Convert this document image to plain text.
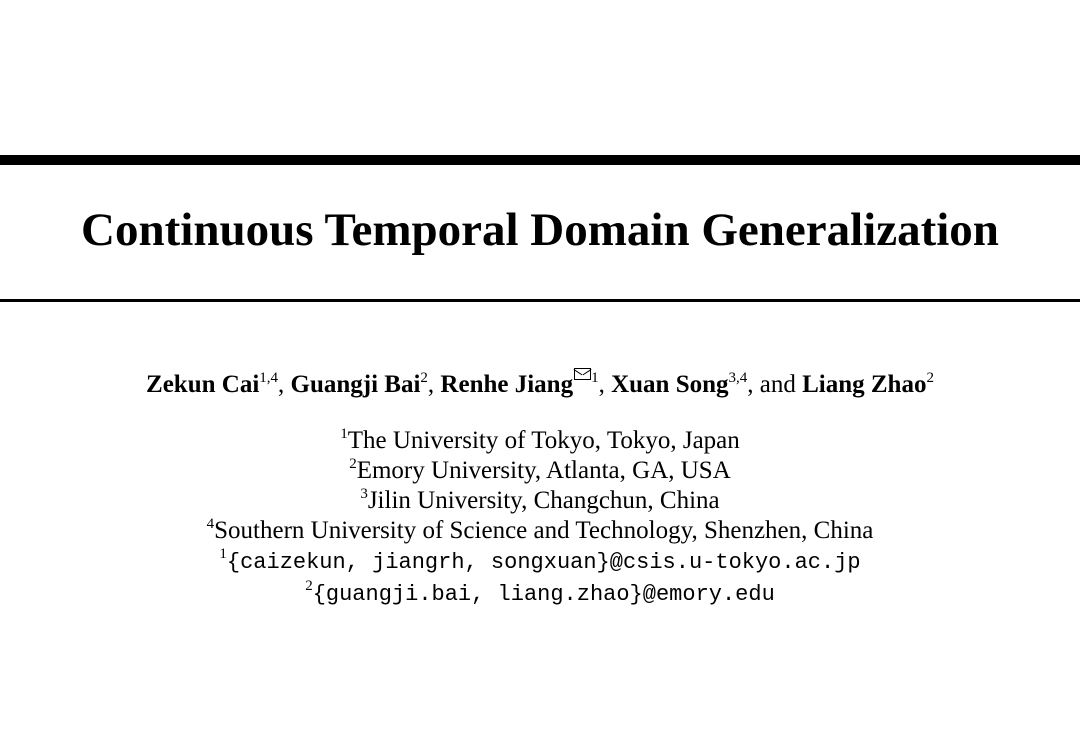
Continuous Temporal Domain Generalization
Zekun Cai$^{1,4}$, Guangji Bai$^2$, Renhe Jiang $^1$, Xuan Song$^{3,4}$, and Liang Zhao$^2$
$^1$The University of Tokyo, Tokyo, Japan
$^2$Emory University, Atlanta, GA, USA
$^3$Jilin University, Changchun, China
$^4$Southern University of Science and Technology, Shenzhen, China
$^1${caizekun, jiangrh, songxuan}@csis.u-tokyo.ac.jp
$^2${guangji.bai, liang.zhao}@emory.edu
